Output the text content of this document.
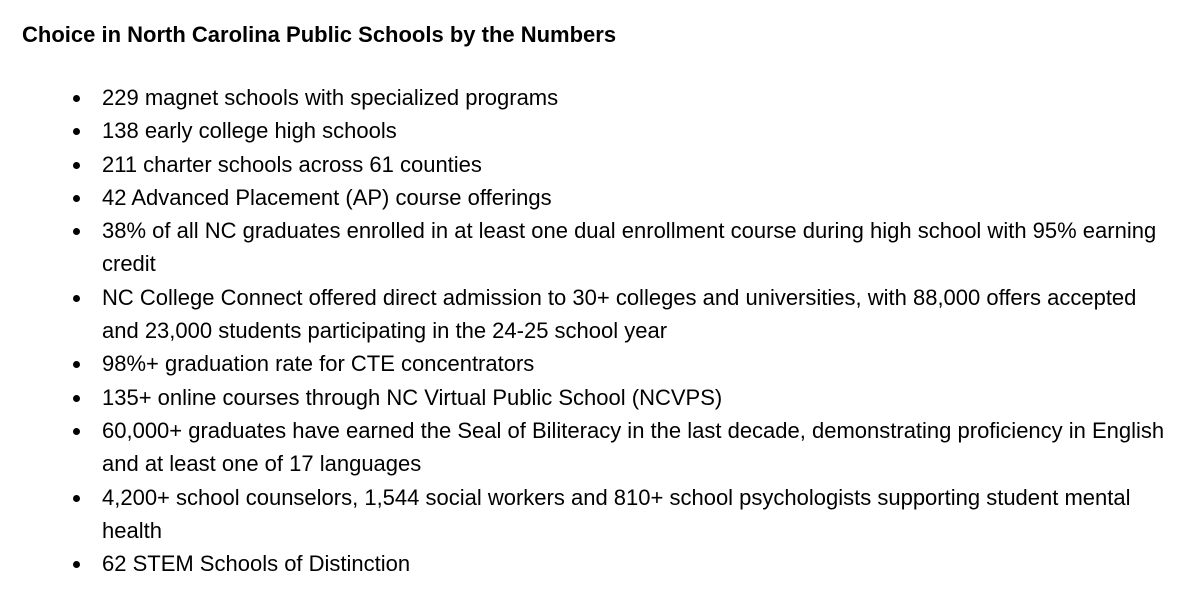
Choice in North Carolina Public Schools by the Numbers
229 magnet schools with specialized programs
138 early college high schools
211 charter schools across 61 counties
42 Advanced Placement (AP) course offerings
38% of all NC graduates enrolled in at least one dual enrollment course during high school with 95% earning credit
NC College Connect offered direct admission to 30+ colleges and universities, with 88,000 offers accepted and 23,000 students participating in the 24-25 school year
98%+ graduation rate for CTE concentrators
135+ online courses through NC Virtual Public School (NCVPS)
60,000+ graduates have earned the Seal of Biliteracy in the last decade, demonstrating proficiency in English and at least one of 17 languages
4,200+ school counselors, 1,544 social workers and 810+ school psychologists supporting student mental health
62 STEM Schools of Distinction
